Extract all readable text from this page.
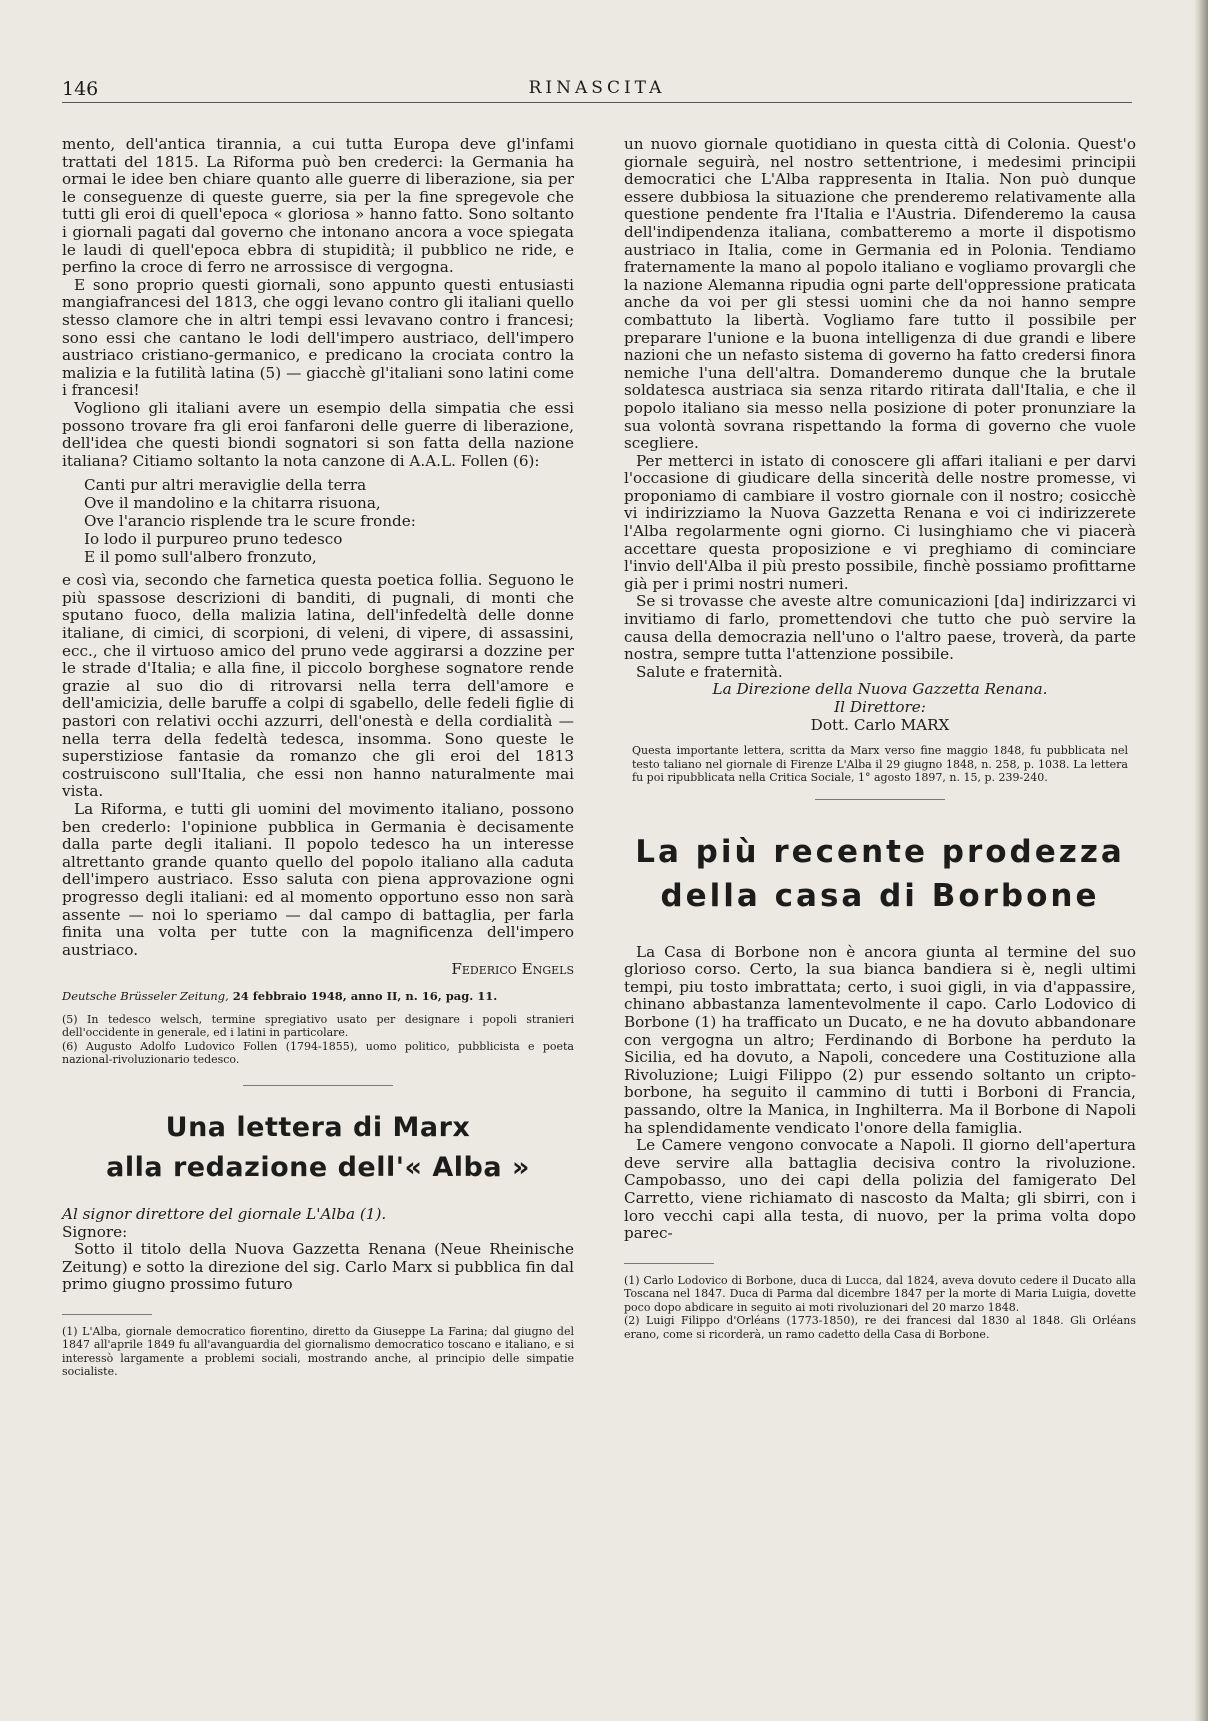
146	RINASCITA

mento, dell'antica tirannia, a cui tutta Europa deve gl'infami trattati del 1815. La Riforma può ben crederci: la Germania ha ormai le idee ben chiare quanto alle guerre di liberazione, sia per le conseguenze di queste guerre, sia per la fine spregevole che tutti gli eroi di quell'epoca « gloriosa » hanno fatto. Sono soltanto i giornali pagati dal governo che intonano ancora a voce spiegata le laudi di quell'epoca ebbra di stupidità; il pubblico ne ride, e perfino la croce di ferro ne arrossisce di vergogna.

E sono proprio questi giornali, sono appunto questi entusiasti mangiafrancesi del 1813, che oggi levano contro gli italiani quello stesso clamore che in altri tempi essi levavano contro i francesi; sono essi che cantano le lodi dell'impero austriaco, dell'impero austriaco cristiano-germanico, e predicano la crociata contro la malizia e la futilità latina (5) — giacchè gl'italiani sono latini come i francesi!

Vogliono gli italiani avere un esempio della simpatia che essi possono trovare fra gli eroi fanfaroni delle guerre di liberazione, dell'idea che questi biondi sognatori si son fatta della nazione italiana? Citiamo soltanto la nota canzone di A.A.L. Follen (6):

Canti pur altri meraviglie della terra
Ove il mandolino e la chitarra risuona,
Ove l'arancio risplende tra le scure fronde:
Io lodo il purpureo pruno tedesco
E il pomo sull'albero fronzuto,

e così via, secondo che farnetica questa poetica follia. Seguono le più spassose descrizioni di banditi, di pugnali, di monti che sputano fuoco, della malizia latina, dell'infedeltà delle donne italiane, di cimici, di scorpioni, di veleni, di vipere, di assassini, ecc., che il virtuoso amico del pruno vede aggirarsi a dozzine per le strade d'Italia; e alla fine, il piccolo borghese sognatore rende grazie al suo dio di ritrovarsi nella terra dell'amore e dell'amicizia, delle baruffe a colpi di sgabello, delle fedeli figlie di pastori con relativi occhi azzurri, dell'onestà e della cordialità — nella terra della fedeltà tedesca, insomma. Sono queste le superstiziose fantasie da romanzo che gli eroi del 1813 costruiscono sull'Italia, che essi non hanno naturalmente mai vista.

La Riforma, e tutti gli uomini del movimento italiano, possono ben crederlo: l'opinione pubblica in Germania è decisamente dalla parte degli italiani. Il popolo tedesco ha un interesse altrettanto grande quanto quello del popolo italiano alla caduta dell'impero austriaco. Esso saluta con piena approvazione ogni progresso degli italiani: ed al momento opportuno esso non sarà assente — noi lo speriamo — dal campo di battaglia, per farla finita una volta per tutte con la magnificenza dell'impero austriaco.

Federico Engels
Deutsche Brüsseler Zeitung, 24 febbraio 1948, anno II, n. 16, pag. 11.
(5) In tedesco welsch, termine spregiativo usato per designare i popoli stranieri dell'occidente in generale, ed i latini in particolare.
(6) Augusto Adolfo Ludovico Follen (1794-1855), uomo politico, pubblicista e poeta nazional-rivoluzionario tedesco.
Una lettera di Marx
alla redazione dell'« Alba »

Al signor direttore del giornale L'Alba (1).

Signore:

Sotto il titolo della Nuova Gazzetta Renana (Neue Rheinische Zeitung) e sotto la direzione del sig. Carlo Marx si pubblica fin dal primo giugno prossimo futuro

(1) L'Alba, giornale democratico fiorentino, diretto da Giuseppe La Farina; dal giugno del 1847 all'aprile 1849 fu all'avanguardia del giornalismo democratico toscano e italiano, e si interessò largamente a problemi sociali, mostrando anche, al principio delle simpatie socialiste.

un nuovo giornale quotidiano in questa città di Colonia. Quest'o giornale seguirà, nel nostro settentrione, i medesimi principii democratici che L'Alba rappresenta in Italia. Non può dunque essere dubbiosa la situazione che prenderemo relativamente alla questione pendente fra l'Italia e l'Austria. Difenderemo la causa dell'indipendenza italiana, combatteremo a morte il dispotismo austriaco in Italia, come in Germania ed in Polonia. Tendiamo fraternamente la mano al popolo italiano e vogliamo provargli che la nazione Alemanna ripudia ogni parte dell'oppressione praticata anche da voi per gli stessi uomini che da noi hanno sempre combattuto la libertà. Vogliamo fare tutto il possibile per preparare l'unione e la buona intelligenza di due grandi e libere nazioni che un nefasto sistema di governo ha fatto credersi finora nemiche l'una dell'altra. Domanderemo dunque che la brutale soldatesca austriaca sia senza ritardo ritirata dall'Italia, e che il popolo italiano sia messo nella posizione di poter pronunziare la sua volontà sovrana rispettando la forma di governo che vuole scegliere.

Per metterci in istato di conoscere gli affari italiani e per darvi l'occasione di giudicare della sincerità delle nostre promesse, vi proponiamo di cambiare il vostro giornale con il nostro; cosicchè vi indirizziamo la Nuova Gazzetta Renana e voi ci indirizzerete l'Alba regolarmente ogni giorno. Ci lusinghiamo che vi piacerà accettare questa proposizione e vi preghiamo di cominciare l'invio dell'Alba il più presto possibile, finchè possiamo profittarne già per i primi nostri numeri.

Se si trovasse che aveste altre comunicazioni [da] indirizzarci vi invitiamo di farlo, promettendovi che tutto che può servire la causa della democrazia nell'uno o l'altro paese, troverà, da parte nostra, sempre tutta l'attenzione possibile.

Salute e fraternità.

La Direzione della Nuova Gazzetta Renana.
Il Direttore:
Dott. Carlo MARX
Questa importante lettera, scritta da Marx verso fine maggio 1848, fu pubblicata nel testo taliano nel giornale di Firenze L'Alba il 29 giugno 1848, n. 258, p. 1038. La lettera fu poi ripubblicata nella Critica Sociale, 1° agosto 1897, n. 15, p. 239-240.
La più recente prodezza
della casa di Borbone

La Casa di Borbone non è ancora giunta al termine del suo glorioso corso. Certo, la sua bianca bandiera si è, negli ultimi tempi, piu tosto imbrattata; certo, i suoi gigli, in via d'appassire, chinano abbastanza lamentevolmente il capo. Carlo Lodovico di Borbone (1) ha trafficato un Ducato, e ne ha dovuto abbandonare con vergogna un altro; Ferdinando di Borbone ha perduto la Sicilia, ed ha dovuto, a Napoli, concedere una Costituzione alla Rivoluzione; Luigi Filippo (2) pur essendo soltanto un cripto-borbone, ha seguito il cammino di tutti i Borboni di Francia, passando, oltre la Manica, in Inghilterra. Ma il Borbone di Napoli ha splendidamente vendicato l'onore della famiglia.

Le Camere vengono convocate a Napoli. Il giorno dell'apertura deve servire alla battaglia decisiva contro la rivoluzione. Campobasso, uno dei capi della polizia del famigerato Del Carretto, viene richiamato di nascosto da Malta; gli sbirri, con i loro vecchi capi alla testa, di nuovo, per la prima volta dopo parec-

(1) Carlo Lodovico di Borbone, duca di Lucca, dal 1824, aveva dovuto cedere il Ducato alla Toscana nel 1847. Duca di Parma dal dicembre 1847 per la morte di Maria Luigia, dovette poco dopo abdicare in seguito ai moti rivoluzionari del 20 marzo 1848.
(2) Luigi Filippo d'Orléans (1773-1850), re dei francesi dal 1830 al 1848. Gli Orléans erano, come si ricorderà, un ramo cadetto della Casa di Borbone.
